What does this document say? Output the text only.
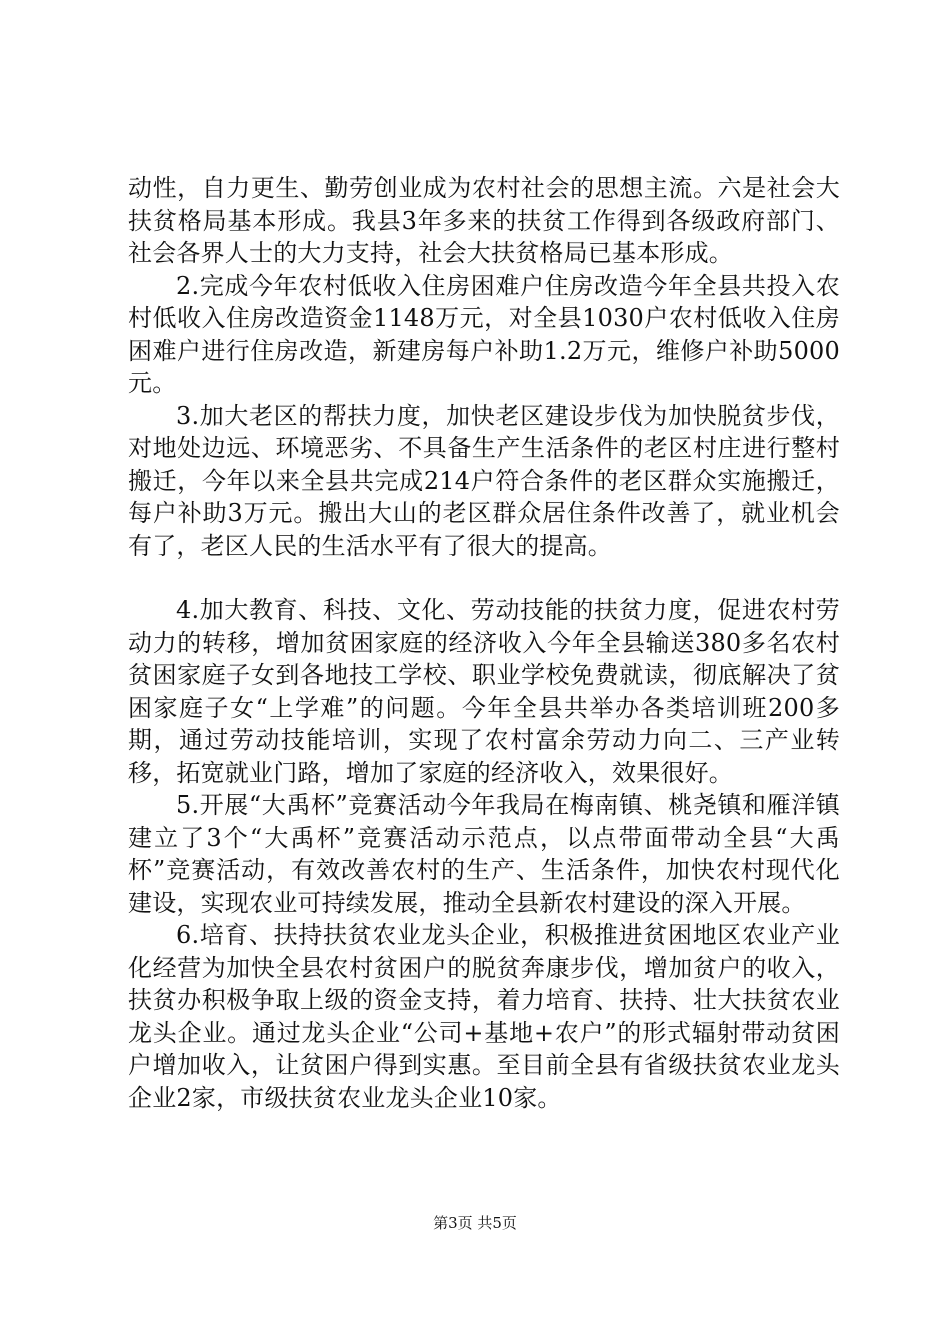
动性，自力更生、勤劳创业成为农村社会的思想主流。六是社会大扶贫格局基本形成。我县3年多来的扶贫工作得到各级政府部门、社会各界人士的大力支持，社会大扶贫格局已基本形成。

2.完成今年农村低收入住房困难户住房改造今年全县共投入农村低收入住房改造资金1148万元，对全县1030户农村低收入住房困难户进行住房改造，新建房每户补助1.2万元，维修户补助5000元。

3.加大老区的帮扶力度，加快老区建设步伐为加快脱贫步伐，对地处边远、环境恶劣、不具备生产生活条件的老区村庄进行整村搬迁，今年以来全县共完成214户符合条件的老区群众实施搬迁，每户补助3万元。搬出大山的老区群众居住条件改善了，就业机会有了，老区人民的生活水平有了很大的提高。

4.加大教育、科技、文化、劳动技能的扶贫力度，促进农村劳动力的转移，增加贫困家庭的经济收入今年全县输送380多名农村贫困家庭子女到各地技工学校、职业学校免费就读，彻底解决了贫困家庭子女“上学难”的问题。今年全县共举办各类培训班200多期，通过劳动技能培训，实现了农村富余劳动力向二、三产业转移，拓宽就业门路，增加了家庭的经济收入，效果很好。

5.开展“大禹杯”竞赛活动今年我局在梅南镇、桃尧镇和雁洋镇建立了3个“大禹杯”竞赛活动示范点，以点带面带动全县“大禹杯”竞赛活动，有效改善农村的生产、生活条件，加快农村现代化建设，实现农业可持续发展，推动全县新农村建设的深入开展。

6.培育、扶持扶贫农业龙头企业，积极推进贫困地区农业产业化经营为加快全县农村贫困户的脱贫奔康步伐，增加贫户的收入，扶贫办积极争取上级的资金支持，着力培育、扶持、壮大扶贫农业龙头企业。通过龙头企业“公司+基地+农户”的形式辐射带动贫困户增加收入，让贫困户得到实惠。至目前全县有省级扶贫农业龙头企业2家，市级扶贫农业龙头企业10家。

第3页 共5页
